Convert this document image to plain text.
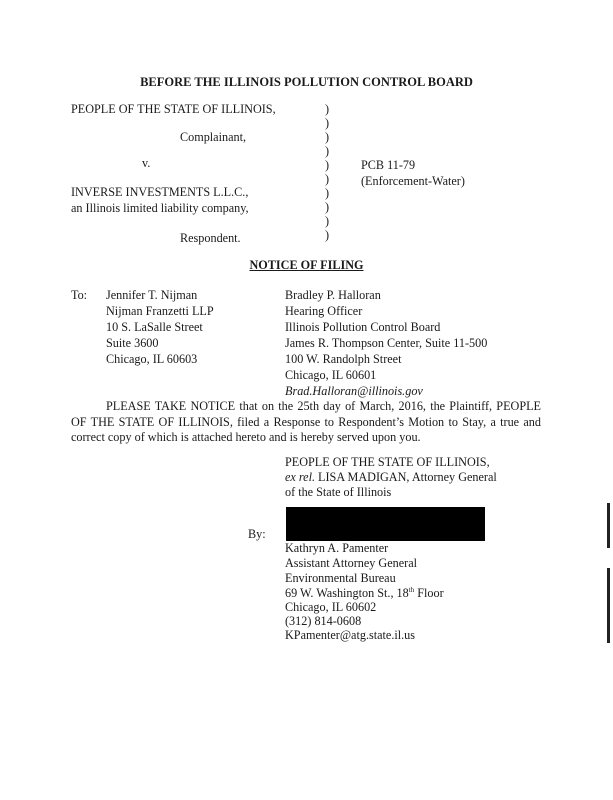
BEFORE THE ILLINOIS POLLUTION CONTROL BOARD
PEOPLE OF THE STATE OF ILLINOIS,
Complainant,
v.
INVERSE INVESTMENTS L.L.C.,
an Illinois limited liability company,
Respondent.
)
)
)
)
)
)
)
)
)
)
PCB 11-79
(Enforcement-Water)
NOTICE OF FILING
To: Jennifer T. Nijman
Nijman Franzetti LLP
10 S. LaSalle Street
Suite 3600
Chicago, IL 60603
Bradley P. Halloran
Hearing Officer
Illinois Pollution Control Board
James R. Thompson Center, Suite 11-500
100 W. Randolph Street
Chicago, IL 60601
Brad.Halloran@illinois.gov
PLEASE TAKE NOTICE that on the 25th day of March, 2016, the Plaintiff, PEOPLE OF THE STATE OF ILLINOIS, filed a Response to Respondent’s Motion to Stay, a true and correct copy of which is attached hereto and is hereby served upon you.
PEOPLE OF THE STATE OF ILLINOIS,
ex rel. LISA MADIGAN, Attorney General
of the State of Illinois
By:
Kathryn A. Pamenter
Assistant Attorney General
Environmental Bureau
69 W. Washington St., 18th Floor
Chicago, IL 60602
(312) 814-0608
KPamenter@atg.state.il.us
